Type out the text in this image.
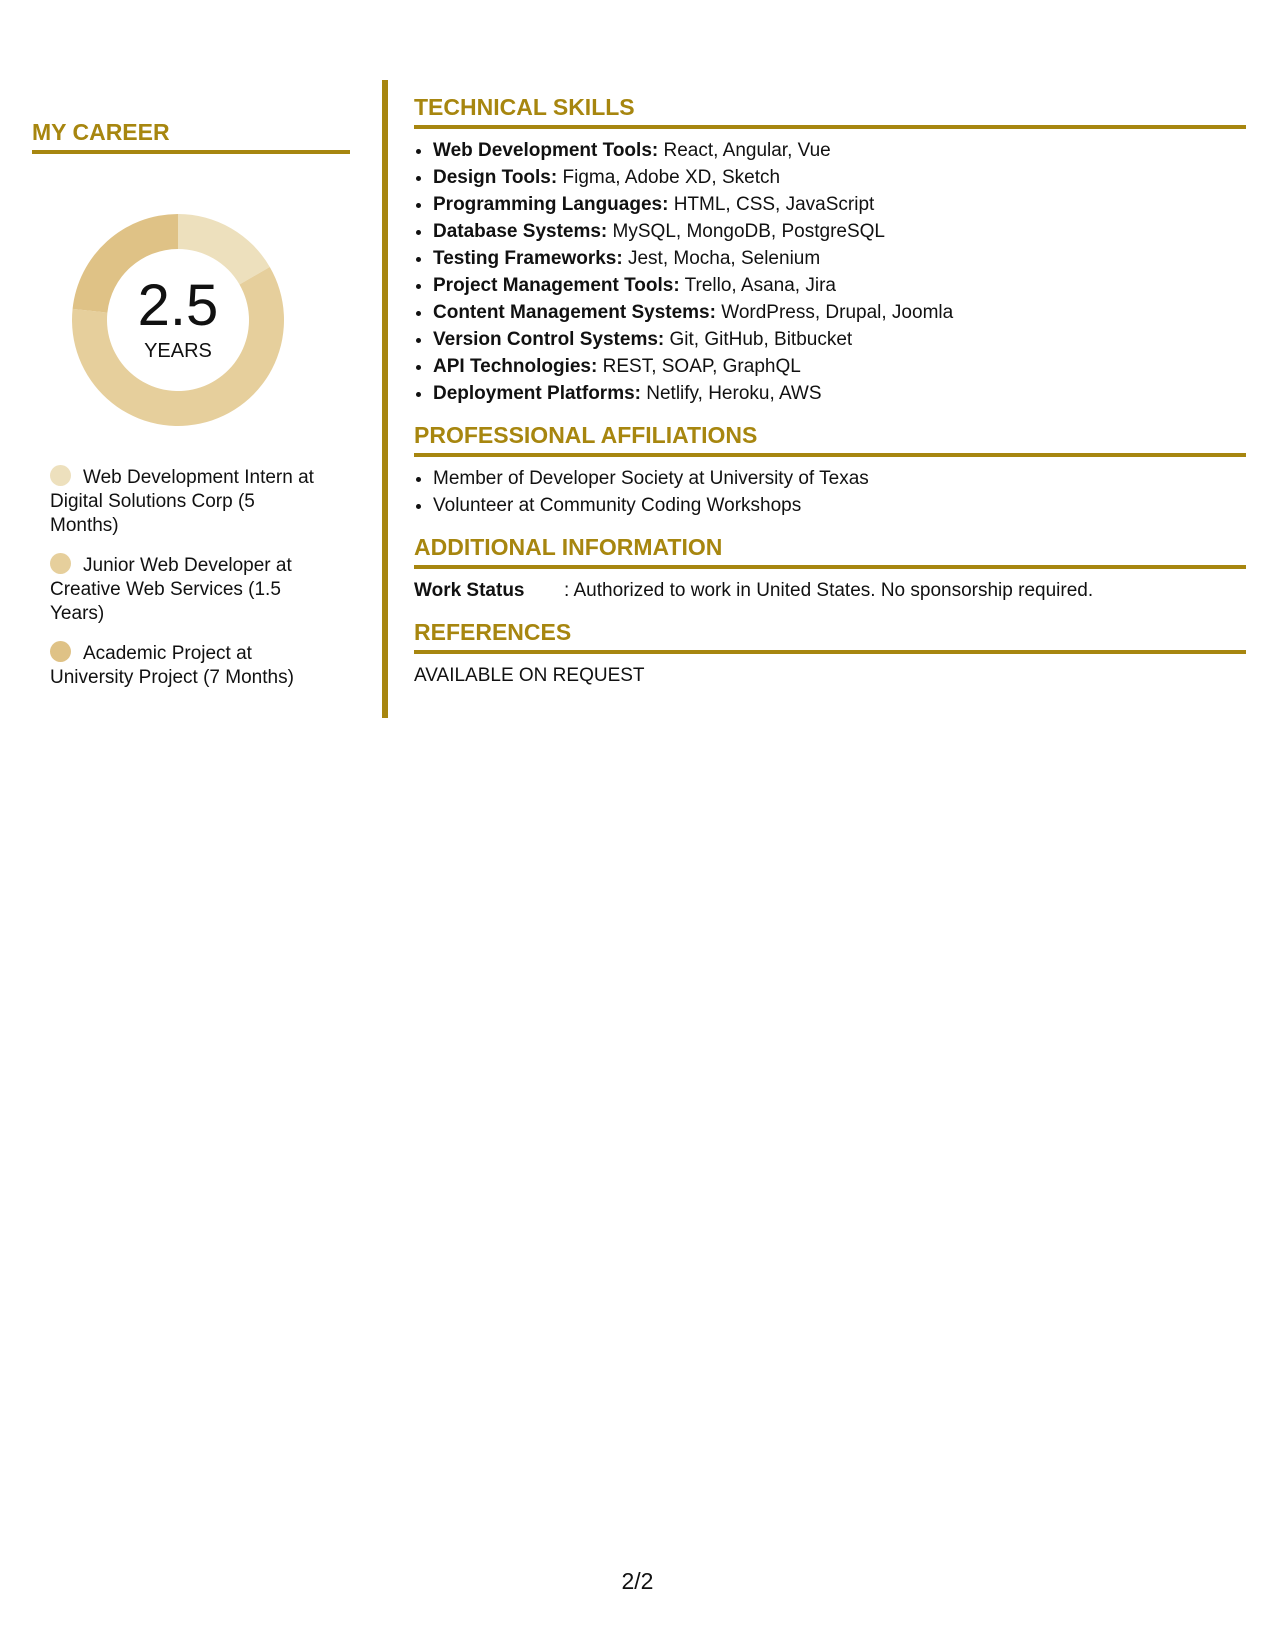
MY CAREER
2.5
YEARS
Web Development Intern at Digital Solutions Corp (5 Months)
Junior Web Developer at Creative Web Services (1.5 Years)
Academic Project at University Project (7 Months)
TECHNICAL SKILLS
• Web Development Tools: React, Angular, Vue
• Design Tools: Figma, Adobe XD, Sketch
• Programming Languages: HTML, CSS, JavaScript
• Database Systems: MySQL, MongoDB, PostgreSQL
• Testing Frameworks: Jest, Mocha, Selenium
• Project Management Tools: Trello, Asana, Jira
• Content Management Systems: WordPress, Drupal, Joomla
• Version Control Systems: Git, GitHub, Bitbucket
• API Technologies: REST, SOAP, GraphQL
• Deployment Platforms: Netlify, Heroku, AWS
PROFESSIONAL AFFILIATIONS
• Member of Developer Society at University of Texas
• Volunteer at Community Coding Workshops
ADDITIONAL INFORMATION
Work Status : Authorized to work in United States. No sponsorship required.
REFERENCES
AVAILABLE ON REQUEST
2/2
